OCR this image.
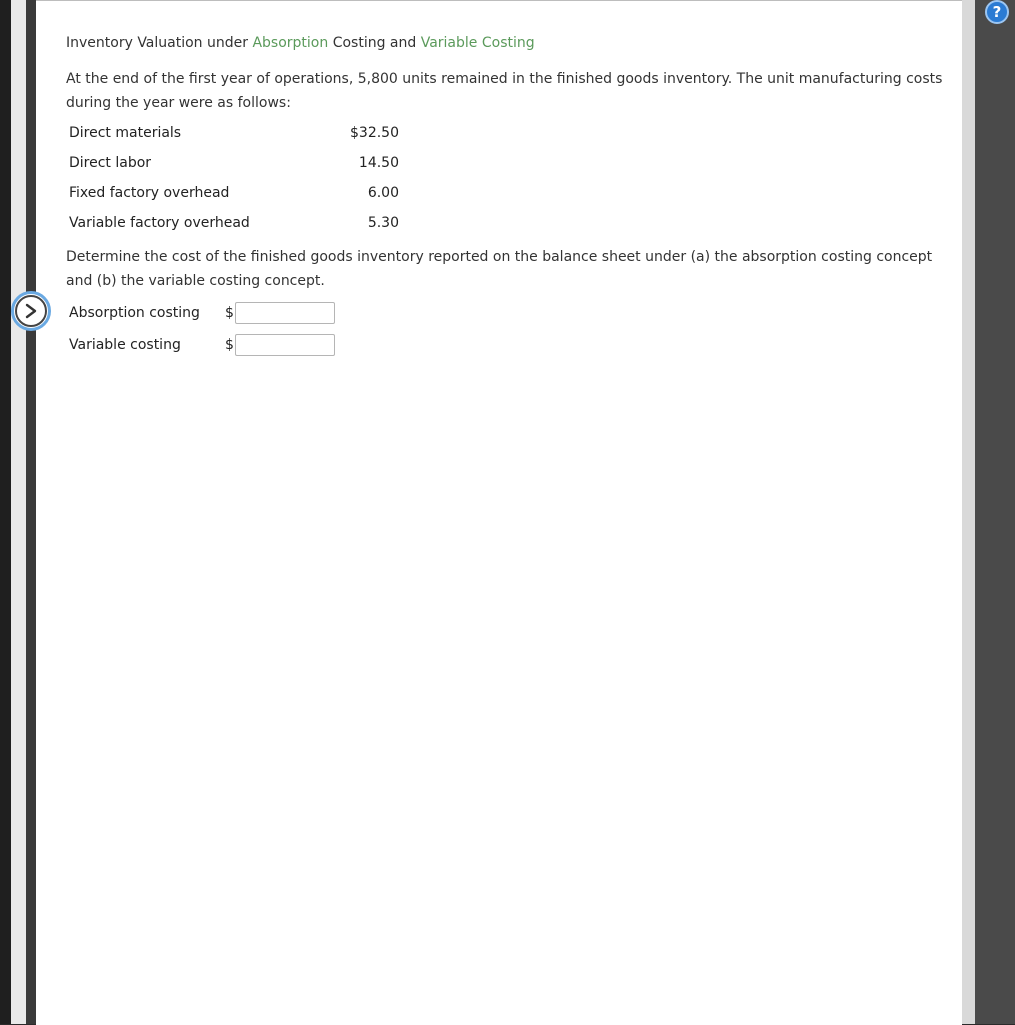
?
Inventory Valuation under Absorption Costing and Variable Costing
At the end of the first year of operations, 5,800 units remained in the finished goods inventory. The unit manufacturing costs during the year were as follows:
Direct materials	$32.50
Direct labor	14.50
Fixed factory overhead	6.00
Variable factory overhead	5.30
Determine the cost of the finished goods inventory reported on the balance sheet under (a) the absorption costing concept and (b) the variable costing concept.
Absorption costing $
Variable costing	$
